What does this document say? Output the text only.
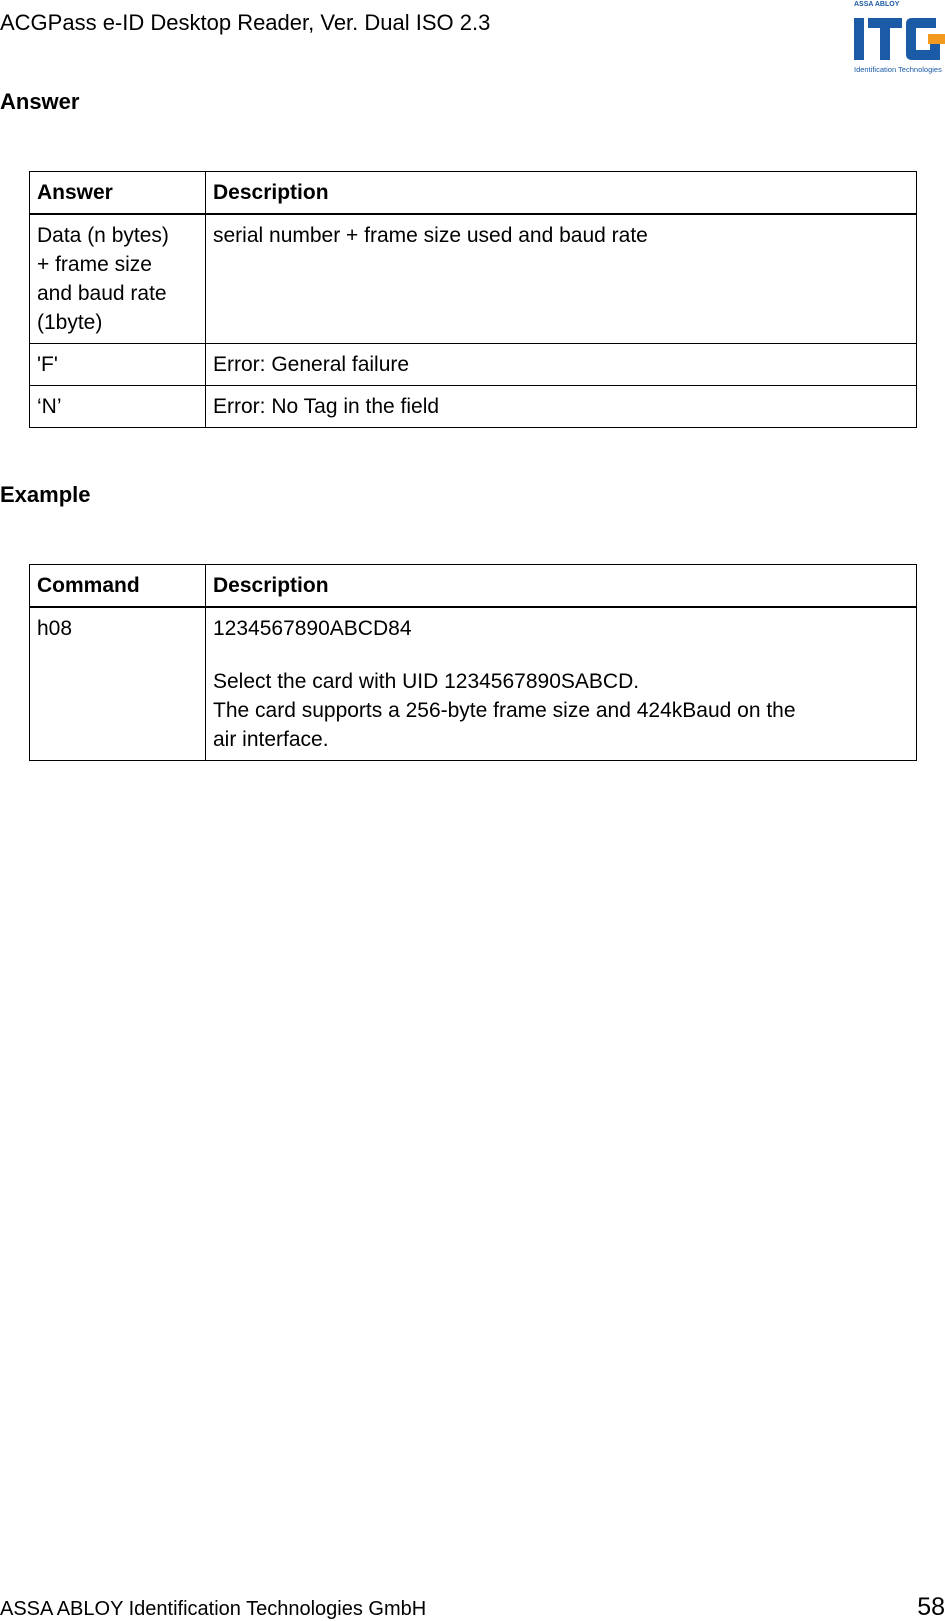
ACGPass e-ID Desktop Reader, Ver. Dual ISO 2.3
ASSA ABLOY
Identification Technologies
Answer
Answer	Description

Data (n bytes)
+ frame size
and baud rate
(1byte)	serial number + frame size used and baud rate
'F'	Error: General failure
‘N’	Error: No Tag in the field
Example
Command	Description
h08	1234567890ABCD84
Select the card with UID 1234567890SABCD.
The card supports a 256-byte frame size and 424kBaud on the
air interface.
ASSA ABLOY Identification Technologies GmbH	58
